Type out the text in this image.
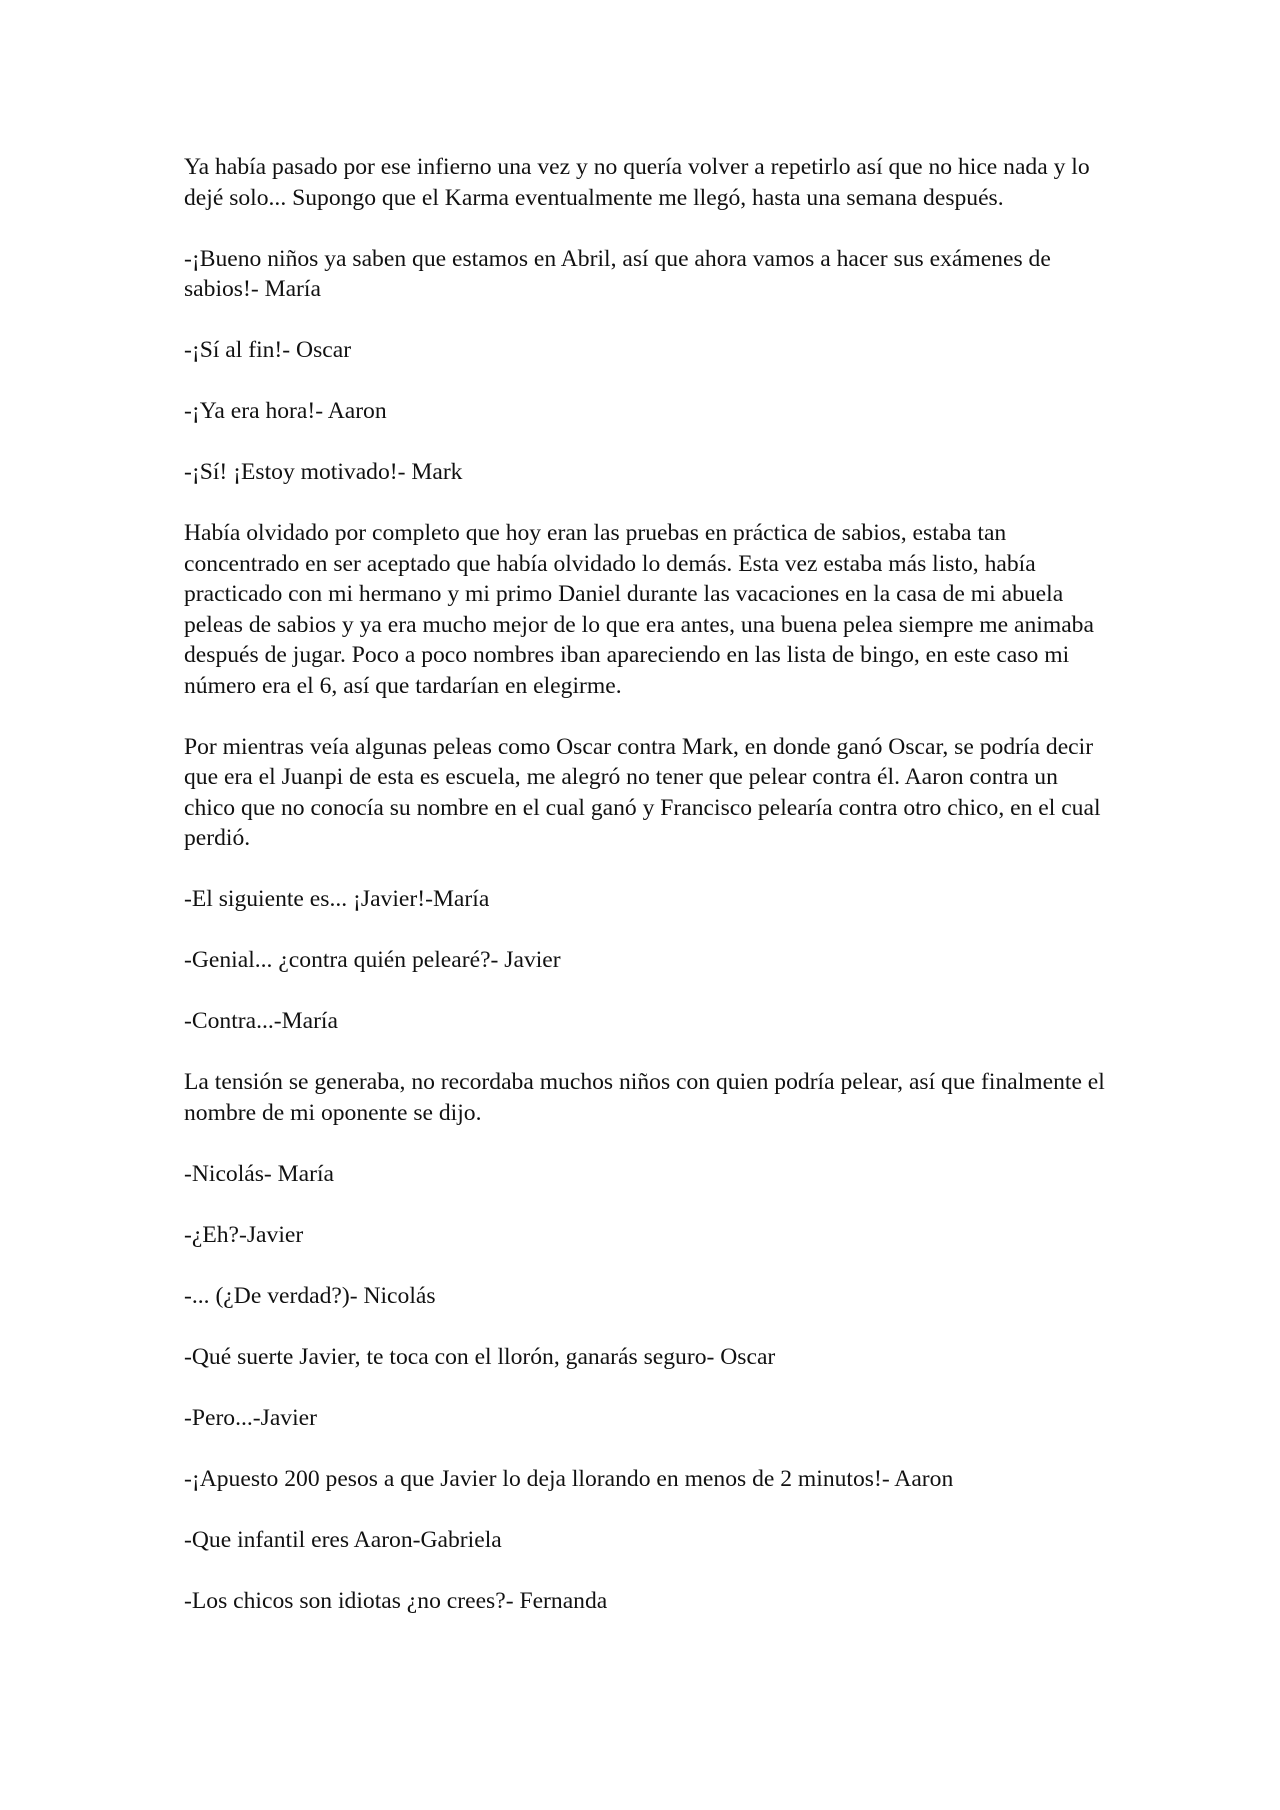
Ya había pasado por ese infierno una vez y no quería volver a repetirlo así que no hice nada y lo dejé solo... Supongo que el Karma eventualmente me llegó, hasta una semana después.

-¡Bueno niños ya saben que estamos en Abril, así que ahora vamos a hacer sus exámenes de sabios!- María

-¡Sí al fin!- Oscar

-¡Ya era hora!- Aaron

-¡Sí! ¡Estoy motivado!- Mark

Había olvidado por completo que hoy eran las pruebas en práctica de sabios, estaba tan concentrado en ser aceptado que había olvidado lo demás. Esta vez estaba más listo, había practicado con mi hermano y mi primo Daniel durante las vacaciones en la casa de mi abuela peleas de sabios y ya era mucho mejor de lo que era antes, una buena pelea siempre me animaba después de jugar. Poco a poco nombres iban apareciendo en las lista de bingo, en este caso mi número era el 6, así que tardarían en elegirme.

Por mientras veía algunas peleas como Oscar contra Mark, en donde ganó Oscar, se podría decir que era el Juanpi de esta es escuela, me alegró no tener que pelear contra él. Aaron contra un chico que no conocía su nombre en el cual ganó y Francisco pelearía contra otro chico, en el cual perdió.

-El siguiente es... ¡Javier!-María

-Genial... ¿contra quién pelearé?- Javier

-Contra...-María

La tensión se generaba, no recordaba muchos niños con quien podría pelear, así que finalmente el nombre de mi oponente se dijo.

-Nicolás- María

-¿Eh?-Javier

-... (¿De verdad?)- Nicolás

-Qué suerte Javier, te toca con el llorón, ganarás seguro- Oscar

-Pero...-Javier

-¡Apuesto 200 pesos a que Javier lo deja llorando en menos de 2 minutos!- Aaron

-Que infantil eres Aaron-Gabriela

-Los chicos son idiotas ¿no crees?- Fernanda
